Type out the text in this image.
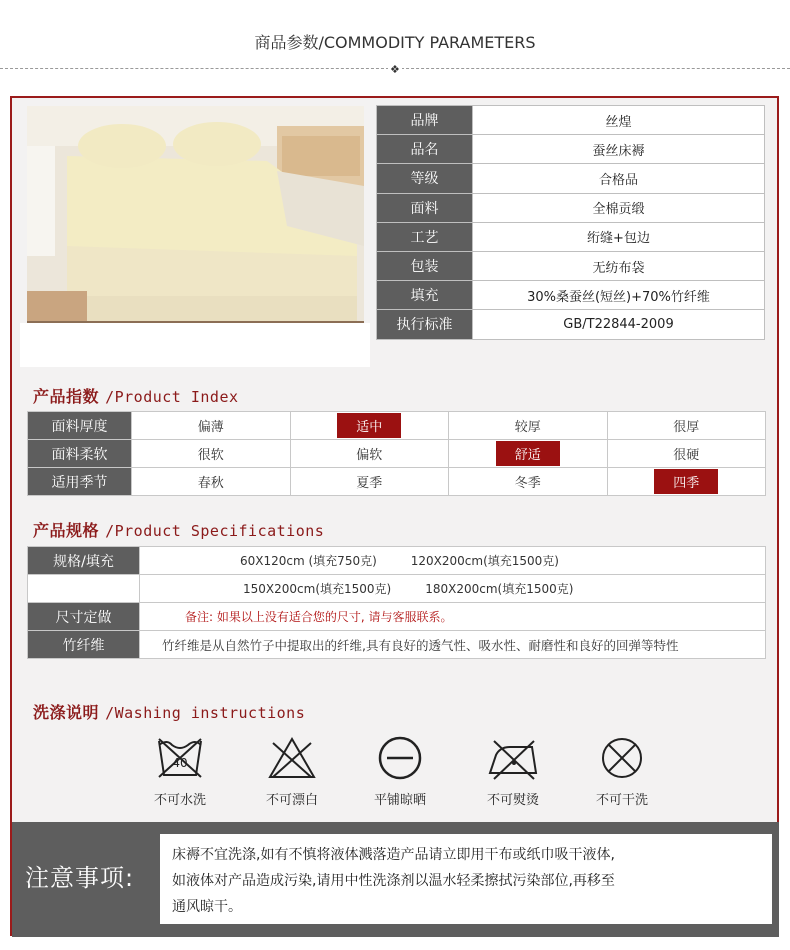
商品参数/COMMODITY PARAMETERS
❖
品牌	丝煌
品名	蚕丝床褥
等级	合格品
面料	全棉贡缎
工艺	绗缝+包边
包装	无纺布袋
填充	30%桑蚕丝(短丝)+70%竹纤维
执行标准	GB/T22844-2009
产品指数 /Product Index
面料厚度	偏薄	适中	较厚	很厚
面料柔软	很软	偏软	舒适	很硬
适用季节	春秋	夏季	冬季	四季
产品规格 /Product Specifications
规格/填充	60X120cm (填充750克) 120X200cm(填充1500克)
	150X200cm(填充1500克) 180X200cm(填充1500克)
尺寸定做	备注: 如果以上没有适合您的尺寸, 请与客服联系。
竹纤维	竹纤维是从自然竹子中提取出的纤维,具有良好的透气性、吸水性、耐磨性和良好的回弹等特性
洗涤说明 /Washing instructions
40
不可水洗	不可漂白	平铺晾晒	不可熨烫	不可干洗
注意事项:
床褥不宜洗涤,如有不慎将液体溅落造产品请立即用干布或纸巾吸干液体,
如液体对产品造成污染,请用中性洗涤剂以温水轻柔擦拭污染部位,再移至
通风晾干。
